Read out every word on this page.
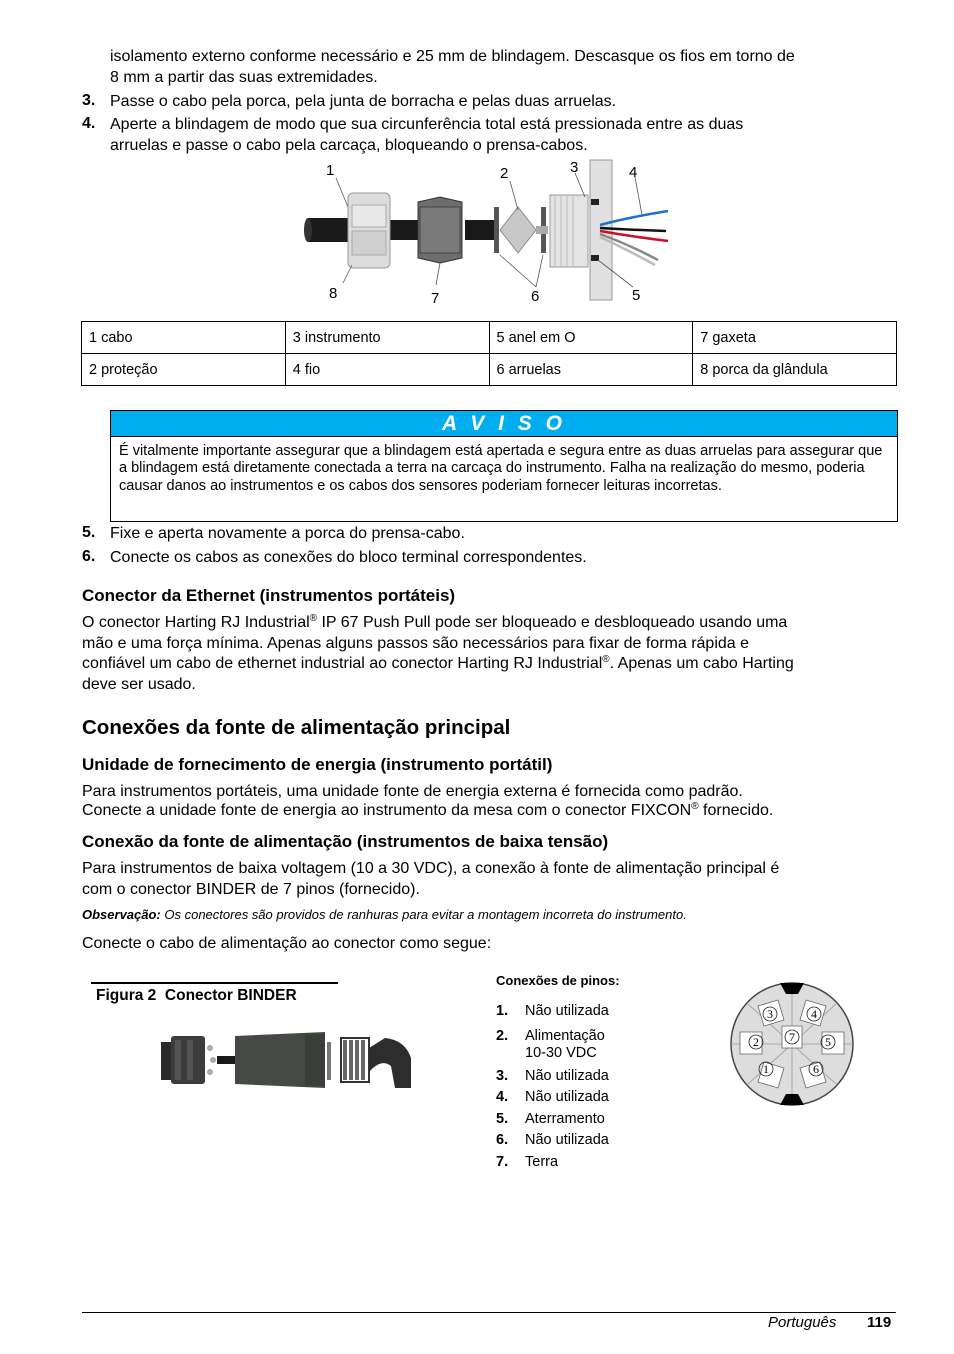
isolamento externo conforme necessário e 25 mm de blindagem. Descasque os fios em torno de
8 mm a partir das suas extremidades.
3. Passe o cabo pela porca, pela junta de borracha e pelas duas arruelas.
4. Aperte a blindagem de modo que sua circunferência total está pressionada entre as duas
arruelas e passe o cabo pela carcaça, bloqueando o prensa-cabos.
1	2	3	4
5
6
7
8
1 cabo	3 instrumento	5 anel em O	7 gaxeta
2 proteção	4 fio	6 arruelas	8 porca da glândula
A V I S O
É vitalmente importante assegurar que a blindagem está apertada e segura entre as duas arruelas para assegurar que a blindagem está diretamente conectada a terra na carcaça do instrumento. Falha na realização do mesmo, poderia causar danos ao instrumentos e os cabos dos sensores poderiam fornecer leituras incorretas.
5. Fixe e aperta novamente a porca do prensa-cabo.
6. Conecte os cabos as conexões do bloco terminal correspondentes.
Conector da Ethernet (instrumentos portáteis)
O conector Harting RJ Industrial® IP 67 Push Pull pode ser bloqueado e desbloqueado usando uma
mão e uma força mínima. Apenas alguns passos são necessários para fixar de forma rápida e
confiável um cabo de ethernet industrial ao conector Harting RJ Industrial®. Apenas um cabo Harting
deve ser usado.
Conexões da fonte de alimentação principal
Unidade de fornecimento de energia (instrumento portátil)
Para instrumentos portáteis, uma unidade fonte de energia externa é fornecida como padrão.
Conecte a unidade fonte de energia ao instrumento da mesa com o conector FIXCON® fornecido.
Conexão da fonte de alimentação (instrumentos de baixa tensão)
Para instrumentos de baixa voltagem (10 a 30 VDC), a conexão à fonte de alimentação principal é
com o conector BINDER de 7 pinos (fornecido).
Observação: Os conectores são providos de ranhuras para evitar a montagem incorreta do instrumento.
Conecte o cabo de alimentação ao conector como segue:
Figura 2  Conector BINDER
Conexões de pinos:
1. Não utilizada
2. Alimentação
10-30 VDC
3. Não utilizada
4. Não utilizada
5. Aterramento
6. Não utilizada
7. Terra
3	4
2	7	5
1	6
Português 119
